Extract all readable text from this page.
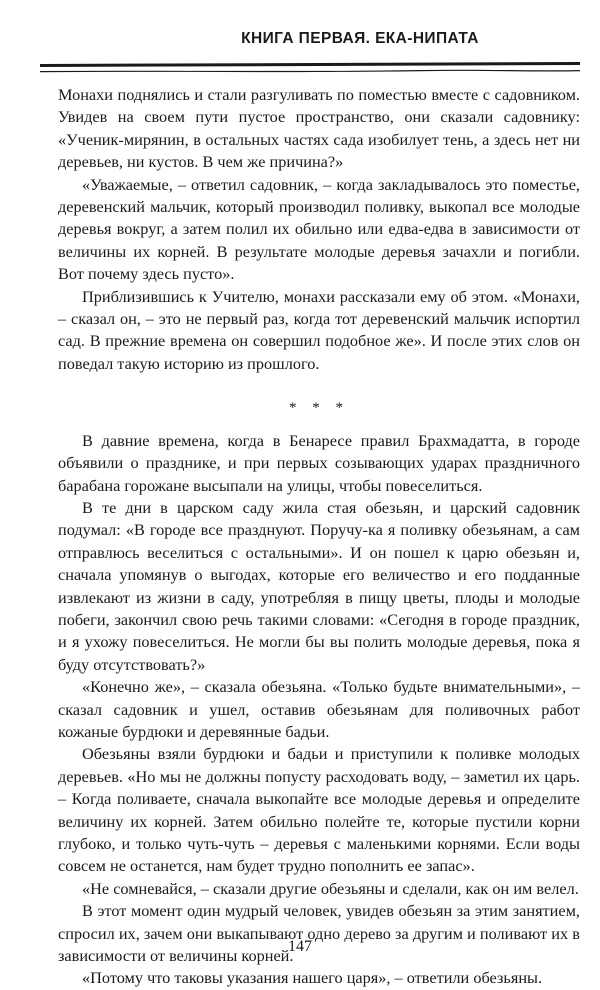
КНИГА ПЕРВАЯ. ЕКА-НИПАТА

Монахи поднялись и стали разгуливать по поместью вместе с садовником. Увидев на своем пути пустое пространство, они сказали садовнику: «Ученик-мирянин, в остальных частях сада изобилует тень, а здесь нет ни деревьев, ни кустов. В чем же причина?»

«Уважаемые, – ответил садовник, – когда закладывалось это поместье, деревенский мальчик, который производил поливку, выкопал все молодые деревья вокруг, а затем полил их обильно или едва-едва в зависимости от величины их корней. В результате молодые деревья зачахли и погибли. Вот почему здесь пусто».

Приблизившись к Учителю, монахи рассказали ему об этом. «Монахи, – сказал он, – это не первый раз, когда тот деревенский мальчик испортил сад. В прежние времена он совершил подобное же». И после этих слов он поведал такую историю из прошлого.

* * *

В давние времена, когда в Бенаресе правил Брахмадатта, в городе объявили о празднике, и при первых созывающих ударах праздничного барабана горожане высыпали на улицы, чтобы повеселиться.

В те дни в царском саду жила стая обезьян, и царский садовник подумал: «В городе все празднуют. Поручу-ка я поливку обезьянам, а сам отправлюсь веселиться с остальными». И он пошел к царю обезьян и, сначала упомянув о выгодах, которые его величество и его подданные извлекают из жизни в саду, употребляя в пищу цветы, плоды и молодые побеги, закончил свою речь такими словами: «Сегодня в городе праздник, и я ухожу повеселиться. Не могли бы вы полить молодые деревья, пока я буду отсутствовать?»

«Конечно же», – сказала обезьяна. «Только будьте внимательными», – сказал садовник и ушел, оставив обезьянам для поливочных работ кожаные бурдюки и деревянные бадьи.

Обезьяны взяли бурдюки и бадьи и приступили к поливке молодых деревьев. «Но мы не должны попусту расходовать воду, – заметил их царь. – Когда поливаете, сначала выкопайте все молодые деревья и определите величину их корней. Затем обильно полейте те, которые пустили корни глубоко, и только чуть-чуть – деревья с маленькими корнями. Если воды совсем не останется, нам будет трудно пополнить ее запас».

«Не сомневайся, – сказали другие обезьяны и сделали, как он им велел.

В этот момент один мудрый человек, увидев обезьян за этим занятием, спросил их, зачем они выкапывают одно дерево за другим и поливают их в зависимости от величины корней.

«Потому что таковы указания нашего царя», – ответили обезьяны.

147
